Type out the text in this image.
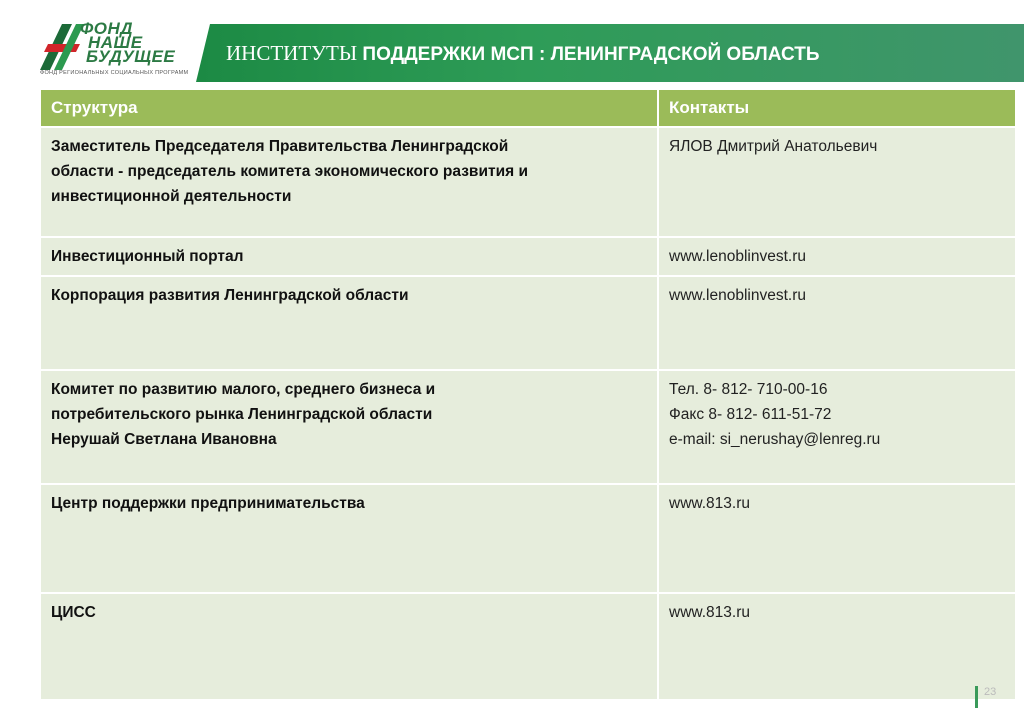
ФОНД
НАШЕ
БУДУЩЕЕ
ФОНД РЕГИОНАЛЬНЫХ СОЦИАЛЬНЫХ ПРОГРАММ
ИНСТИТУТЫ ПОДДЕРЖКИ МСП : ЛЕНИНГРАДСКОЙ ОБЛАСТЬ
Структура	Контакты

Заместитель Председателя Правительства Ленинградской
области - председатель комитета экономического развития и
инвестиционной деятельности	ЯЛОВ Дмитрий Анатольевич

Инвестиционный портал	www.lenoblinvest.ru

Корпорация развития Ленинградской области	www.lenoblinvest.ru

Комитет по развитию малого, среднего бизнеса и
потребительского рынка Ленинградской области
Нерушай Светлана Ивановна	Тел. 8- 812- 710-00-16
Факс 8- 812- 611-51-72
e-mail: si_nerushay@lenreg.ru

Центр поддержки предпринимательства	www.813.ru

ЦИСС	www.813.ru
23
